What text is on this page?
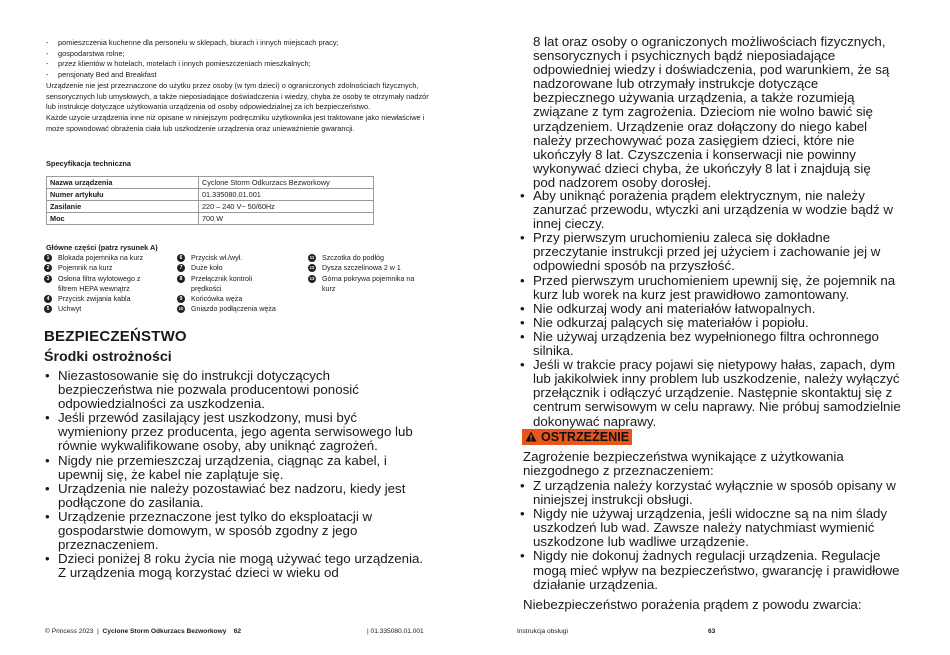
- pomieszczenia kuchenne dla personelu w sklepach, biurach i innych miejscach pracy;
- gospodarstwa rolne;
- przez klientów w hotelach, motelach i innych pomieszczeniach mieszkalnych;
- pensjonaty Bed and Breakfast

Urządzenie nie jest przeznaczone do użytku przez osoby (w tym dzieci) o ograniczonych zdolnościach fizycznych, sensorycznych lub umysłowych, a także nieposiadające doświadczenia i wiedzy, chyba że osoby te otrzymały nadzór lub instrukcje dotyczące użytkowania urządzenia od osoby odpowiedzialnej za ich bezpieczeństwo.

Każde użycie urządzenia inne niż opisane w niniejszym podręczniku użytkownika jest traktowane jako niewłaściwe i może spowodować obrażenia ciała lub uszkodzenie urządzenia oraz unieważnienie gwarancji.

Specyfikacja techniczna

Nazwa urządzenia	Cyclone Storm Odkurzacs Bezworkowy
Numer artykułu	01.335080.01.001
Zasilanie	220 – 240 V~ 50/60Hz
Moc	700 W

Główne części (patrz rysunek A)

1	Blokada pojemnika na kurz
2	Pojemnik na kurz
3	Osłona filtra wylotowego z filtrem HEPA wewnątrz
4	Przycisk zwijania kabla
5	Uchwyt
6	Przycisk wł./wył.
7	Duże koło
8	Przełącznik kontroli prędkości
9	Końcówka węża
10 Gniazdo podłączenia węża
11 Szczotka do podłóg
12 Dysza szczelinowa 2 w 1
13 Górna pokrywa pojemnika na kurz
BEZPIECZEŃSTWO
Środki ostrożności
• Niezastosowanie się do instrukcji dotyczących bezpieczeństwa nie pozwala producentowi ponosić odpowiedzialności za uszkodzenia.
• Jeśli przewód zasilający jest uszkodzony, musi być wymieniony przez producenta, jego agenta serwisowego lub równie wykwalifikowane osoby, aby uniknąć zagrożeń.
• Nigdy nie przemieszczaj urządzenia, ciągnąc za kabel, i upewnij się, że kabel nie zaplątuje się.
• Urządzenia nie należy pozostawiać bez nadzoru, kiedy jest podłączone do zasilania.
• Urządzenie przeznaczone jest tylko do eksploatacji w gospodarstwie domowym, w sposób zgodny z jego przeznaczeniem.
• Dzieci poniżej 8 roku życia nie mogą używać tego urządzenia. Z urządzenia mogą korzystać dzieci w wieku od
© Princess 2023  |  Cyclone Storm Odkurzacs Bezworkowy 62	| 01.335080.01.001

8 lat oraz osoby o ograniczonych możliwościach fizycznych, sensorycznych i psychicznych bądź nieposiadające odpowiedniej wiedzy i doświadczenia, pod warunkiem, że są nadzorowane lub otrzymały instrukcje dotyczące bezpiecznego używania urządzenia, a także rozumieją związane z tym zagrożenia. Dzieciom nie wolno bawić się urządzeniem. Urządzenie oraz dołączony do niego kabel należy przechowywać poza zasięgiem dzieci, które nie ukończyły 8 lat. Czyszczenia i konserwacji nie powinny wykonywać dzieci chyba, że ukończyły 8 lat i znajdują się pod nadzorem osoby dorosłej.

• Aby uniknąć porażenia prądem elektrycznym, nie należy zanurzać przewodu, wtyczki ani urządzenia w wodzie bądź w innej cieczy.
• Przy pierwszym uruchomieniu zaleca się dokładne przeczytanie instrukcji przed jej użyciem i zachowanie jej w odpowiedni sposób na przyszłość.
• Przed pierwszym uruchomieniem upewnij się, że pojemnik na kurz lub worek na kurz jest prawidłowo zamontowany.
• Nie odkurzaj wody ani materiałów łatwopalnych.
• Nie odkurzaj palących się materiałów i popiołu.
• Nie używaj urządzenia bez wypełnionego filtra ochronnego silnika.
• Jeśli w trakcie pracy pojawi się nietypowy hałas, zapach, dym lub jakikolwiek inny problem lub uszkodzenie, należy wyłączyć przełącznik i odłączyć urządzenie. Następnie skontaktuj się z centrum serwisowym w celu naprawy. Nie próbuj samodzielnie dokonywać naprawy.
OSTRZEŻENIE

Zagrożenie bezpieczeństwa wynikające z użytkowania niezgodnego z przeznaczeniem:

• Z urządzenia należy korzystać wyłącznie w sposób opisany w niniejszej instrukcji obsługi.
• Nigdy nie używaj urządzenia, jeśli widoczne są na nim ślady uszkodzeń lub wad. Zawsze należy natychmiast wymienić uszkodzone lub wadliwe urządzenie.
• Nigdy nie dokonuj żadnych regulacji urządzenia. Regulacje mogą mieć wpływ na bezpieczeństwo, gwarancję i prawidłowe działanie urządzenia.

Niebezpieczeństwo porażenia prądem z powodu zwarcia:

Instrukcja obsługi	63
